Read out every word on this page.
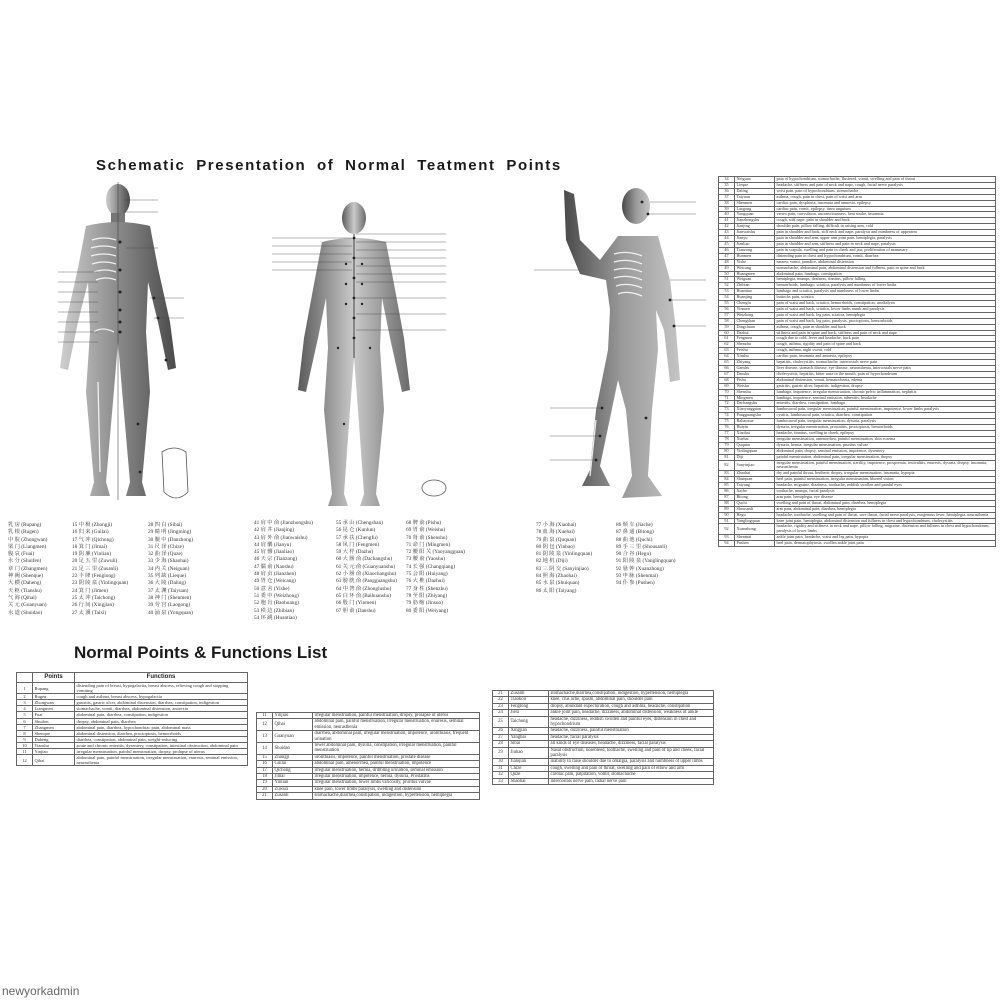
Schematic Presentation of Normal Teatment Points
乳 房 (Rupang)
乳 根 (Rugen)
中 脘 (Zhongwan)
梁 门 (Liangmen)
腹 哀 (Fuai)
水 分 (Shuifen)
章 门 (Zhangmen)
神 阙 (Shenque)
大 横 (Daheng)
天 枢 (Tianshu)
气 海 (Qihai)
关 元 (Guanyuan)
水 道 (Shuidao)
15 中 极 (Zhongji)
16 归 来 (Guilai)
17 气 冲 (Qichong)
18 箕 门 (Jimai)
19 阴 廉 (Yinlian)
20 足 五 里 (Zuwuli)
21 足 三 里 (Zusanli)
22 丰 隆 (Fenglong)
23 阴 陵 泉 (Yinlingquan)
24 箕 门 (Jimen)
25 太 冲 (Taichong)
26 行 间 (Xingjian)
27 太 溪 (Taixi)
28 四 白 (Sibai)
29 睛 明 (Jingming)
30 膻 中 (Danzhong)
31 尺 泽 (Chize)
32 曲 泽 (Quze)
33 少 海 (Shaohai)
34 内 关 (Neiguan)
35 列 缺 (Lieque)
36 大 陵 (Daling)
37 太 渊 (Taiyuan)
38 神 门 (Shenmen)
39 劳 宫 (Laogong)
40 涌 泉 (Yongquan)
41 肩 中 俞 (Jianzhongshu)
42 肩 井 (Jianjing)
43 肩 外 俞 (Jianwaishu)
44 肩 髃 (Jianyu)
45 肩 髎 (Jianliao)
46 天 宗 (Tianzong)
47 臑 俞 (Naoshu)
48 肩 贞 (Jianzhen)
49 胃 仓 (Weicang)
50 意 舍 (Yishe)
51 委 中 (Weizhong)
52 胞 肓 (Baohuang)
53 秩 边 (Zhibian)
54 环 跳 (Huantiao)
55 承 山 (Chengshan)
56 昆 仑 (Kunlun)
57 承 扶 (Chengfu)
58 风 门 (Fengmen)
59 大 杼 (Dazhu)
60 大 肠 俞 (Dachangshu)
61 关 元 俞 (Guanyuanshu)
62 小 肠 俞 (Xiaochangshu)
63 膀 胱 俞 (Pangguangshu)
64 中 膂 俞 (Zhonglushu)
65 白 环 俞 (Baihuanshu)
66 殷 门 (Yinmen)
67 胆 俞 (Danshu)
68 脾 俞 (Pishu)
69 胃 俞 (Weishu)
70 肾 俞 (Shenshu)
71 命 门 (Mingmen)
72 腰 阳 关 (Yaoyangguan)
73 腰 俞 (Yaoshu)
74 长 强 (Changqiang)
75 会 阳 (Huiyang)
76 大 椎 (Dazhui)
77 身 柱 (Shenzhu)
78 至 阳 (Zhiyang)
79 筋 缩 (Jinsuo)
80 委 阳 (Weiyang)
77 小 海 (Xiaohai)
78 血 海 (Xuehai)
79 曲 泉 (Ququan)
80 阴 包 (Yinbao)
81 阴 陵 泉 (Yinlingquan)
82 地 机 (Diji)
83 三 阴 交 (Sanyinjiao)
84 照 海 (Zhaohai)
85 水 泉 (Shuiquan)
86 太 阳 (Taiyang)
86 颊 车 (Jiache)
87 鼻 通 (Bitong)
88 曲 池 (Quchi)
89 手 三 里 (Shousanli)
90 合 谷 (Hegu)
91 阳 陵 泉 (Yanglingquan)
92 悬 钟 (Xuanzhong)
93 申 脉 (Shenmai)
94 仆 参 (Pushen)
Normal Points & Functions List
	Points	Functions
1	Rupang	distending pain of breast, hypogalactia, breast abscess, relieving cough and stopping vomiting
2	Rugen	cough and asthma, breast abscess, hypogalactia
3	Zhongwan	gastritis, gastric ulcer, abdominal distension, diarrhea, constipation, indigestion
4	Liangmen	stomachache, vomit, diarrhea, abdominal distension, anorexia
5	Fuai	abdominal pain, diarrhea, constipation, indigestion
6	Shuifen	dropsy, abdominal pain, diarrhea
7	Zhangmen	abdominal pain, diarrhea, hypochondriac pain, abdominal mass
8	Shenque	abdominal distension, diarrhea, proctoptosis, hemorrhoids
9	Daheng	diarrhea, constipation, abdominal pain, weight-reducing
10	Tianshu	acute and chronic enteritis, dysentery, constipation, intestinal obstruction, abdominal pain
11	Yinjiao	irregular menstruation, painful menstruation, dropsy, prolapse of uterus
12	Qihai	abdominal pain, painful menstruation, irregular menstruation, enuresis, seminal emission, neurasthenia
11	Yinjiao	irregular menstruation, painful menstruation, dropsy, prolapse of uterus
12	Qihai	abdominal pain, painful menstruation, irregular menstruation, enuresis, seminal emission, neurasthenia
13	Guanyuan	diarrhea, abdominal pain, irregular menstruation, impotence, urolithiasis, frequent urination
14	Shuidao	lower abdominal pain, dysuria, constipation, irregular menstruation, painful menstruation
15	Zhongji	urolithiasis, impotence, painful menstruation, prostate disease
16	Guilai	abdominal pain, amenorrhea, painful menstruation, impotence
17	Qichong	irregular menstruation, hernia, dribbling urination, seminal emission
18	Jimai	irregular menstruation, impotence, hernia, dysuria, Prostatitis
19	Yinlian	irregular menstruation, lower limbs varicosity, pruritus vulvae
20	Zuwuli	knee pain, lower limbs paralysis, swelling and distension
21	Zusanli	stomachache,diarrhea,constipation, indigestion, hypertension, hemiplegia
21	Zusanli	stomachache,diarrhea,constipation, indigestion, hypertension, hemiplegia
22	Tiaokou	knee, crus ache, spasm, abdominal pain, shoulder pain
23	Fenglong	dropsy, abundant expectoration, cough and asthma, headache, constipation
24	Jiexi	ankle joint pain, headache, dizziness, abdominal distension, weakness of ankle
25	Taichong	headache, dizziness, reddish swollen and painful eyes, distension in chest and hypochondrium
26	Xingjian	headache, dizziness, painful menstruation
27	Yangbai	headache, facial paralysis
28	Sibai	all kinds of eye diseases, headache, dizziness, facial paralysis
29	Jiuhao	Nasal obstruction, nosebleed, toothache, swelling and pain of lip and cheek, facial paralysis
30	Jianqian	inability to raise shoulder due to omalgia, paralysis and numbness of upper limbs
31	Chize	cough, swelling and pain of throat, swelling and pain of elbow and arm
32	Quze	cardiac pain, palpitation, vomit, stomachache
33	Shaohai	intercostals nerve pain, radial nerve pain
34	Neiguan	pain of hypochondrium, stomachache, flustered, vomit, swelling and pain of throat
35	Lieque	headache, stiffness and pain of neck and nape, cough, facial nerve paralysis
36	Daling	wrist pain, pain of hypochondrium, stomachache
37	Taiyuan	asthma, cough, pain in chest, pain of wrist and arm
38	Shenmen	cardiac pain, dysphoria, insomnia and amnesia, epilepsy
39	Laogong	cardiac pain, vomit, epilepsy, tinea unguium
40	Yongquan	vertex pain, convulsion, unconsciousness, heat stroke, insomnia
41	Jianzhongshu	cough, stiff nape, pain in shoulder and back
42	Jianjing	shoulder pain, pillow falling, difficult in raising arm, cold
43	Jianwaishu	pain in shoulder and back, stiff neck and nape, paralysis and numbness of upperarm
44	Jianyu	pain in shoulder and arm, upper arm joint pain, hemiplegia, paralysis
45	Jianliao	pain in shoulder and arm, stiffness and pain in neck and nape, paralysis
46	Tianzong	pain in scapula, swelling and pain in cheek and jaw, proliferation of mammary
47	Hunmen	distending pain in chest and hypochondrium, vomit, diarrhea
48	Yishe	nausea, vomit, jaundice, abdominal distension
49	Weicang	stomachache, abdominal pain, abdominal distension and fullness, pain in spine and back
50	Huangmen	abdominal pain, lumbago, constipation
51	Weiguan	hemiplegia, mumps, deafness, tinnitus, pillow falling
52	Zhibian	hemorrhoids, lumbago, sciatica, paralysis and numbness of lower limbs
53	Huantiao	lumbago and sciatica, paralysis and numbness of lower limbs
54	Huanjing	buttocks pain, sciatica
55	Chengfu	pain of waist and back, sciatica, hemorrhoids, constipation, urodialysis
56	Yinmen	pain of waist and back, sciatica, lower limbs numb and paralysis
57	Weizhong	pain of waist and back, leg pain, sciatica, hemiplegia
58	Chengshan	pain of waist and back, leg pain, paralysis, proctoptosis, hemorrhoids
59	Dingchuan	asthma, cough, pain in shoulder and back
60	Dazhui	stiffness and pain in spine and back, stiffness and pain of neck and nape
61	Fengmen	cough due to cold, fever and headache, back pain
62	Shenzhu	cough, asthma, rigidity and pain of spine and back
63	Feishu	cough, asthma, night sweat, cold
64	Xinshu	cardiac pain, insomnia and amnesia, epilepsy
65	Zhiyang	hepatitis, cholecystitis, stomachache, intercostals nerve pain
66	Ganshu	liver disease, stomach disease, eye disease, neurasthenia, intercostals nerve pain
67	Danshu	cholecystitis, hepatitis, bitter taste in the mouth, pain of hypochondrium
68	Pishu	abdominal distension, vomit, hematochezia, edema
69	Weishu	gastritis, gastric ulcer, hepatitis, indigestion, dropsy
70	Shenshu	lumbago, impotence, irregular menstruation, chronic pelvic inflammation, nephritis
71	Mingmen	lumbago, impotence, seminal emission, adnexitis, headache
72	Dachangshu	enteritis, diarrhea, constipation, lumbago
73	Xiaoyangguan	lumbosacral pain, irregular menstruation, painful menstruation, impotence, lower limbs paralysis
74	Pangguangshu	cystitis, lumbosacral pain, sciatica, diarrhea, constipation
75	Baliaoxue	lumbosacral pain, irregular menstruation, dysuria, paralysis
76	Huiyin	dysuria, irregular menstruation, prostatitis, proctoptosis, hemorrhoids
77	Xiaohai	headache, tinnitus, swelling in cheek, epilepsy
78	Xuehai	irregular menstruation, amenorrhea, painful menstruation, skin eczema
79	Ququan	dysuria, hernia, irregular menstruation, pruritus vulvae
80	Yinlingquan	abdominal pain, dropsy, seminal emission, impotence, dysentery
81	Diji	painful menstruation, abdominal pain, irregular menstruation, dropsy
82	Sanyinjiao	irregular menstruation, painful menstruation, sterility, impotence, prospermia, testiculitis, enuresis, dysuria, dropsy, insomnia, neurasthenia
83	Zhaohai	dry and painful throat, beriberic dropsy, irregular menstruation, insomnia, hypopia
84	Shuiquan	heel pain, painful menstruation, irregular menstruation, blurred vision
85	Taiyang	headache, migraine, dizziness, toothache, reddish swollen and painful eyes
86	Jiache	toothache, mumps, facial paralysis
87	Bitong	arm pain, hemiplegia, eye disease
88	Quchi	swelling and pain of throat, abdominal pain, diarrhea, hemiplegia
89	Shousanli	arm pain, abdominal pain, diarrhea, hemiplegia
90	Hegu	headache, toothache, swelling and pain of throat, sore throat, facial nerve paralysis, exogenous fever, hemiplegia, neurasthenia
91	Yanglingquan	knee joint pain, hemiplegia, abdominal distension and fullness in chest and hypochondrium, cholecystitis
92	Xuanzhong	headache, rigidity and stiffness in neck and nape, pillow falling, migraine, distension and fullness in chest and hypochondrium, paralysis of lower limbs
93	Shenmai	ankle joint pain, headache, waist and leg pain, hypopia
94	Pushen	heel pain, dermatophytosis, swollen ankle joint pain
newyorkadmin
